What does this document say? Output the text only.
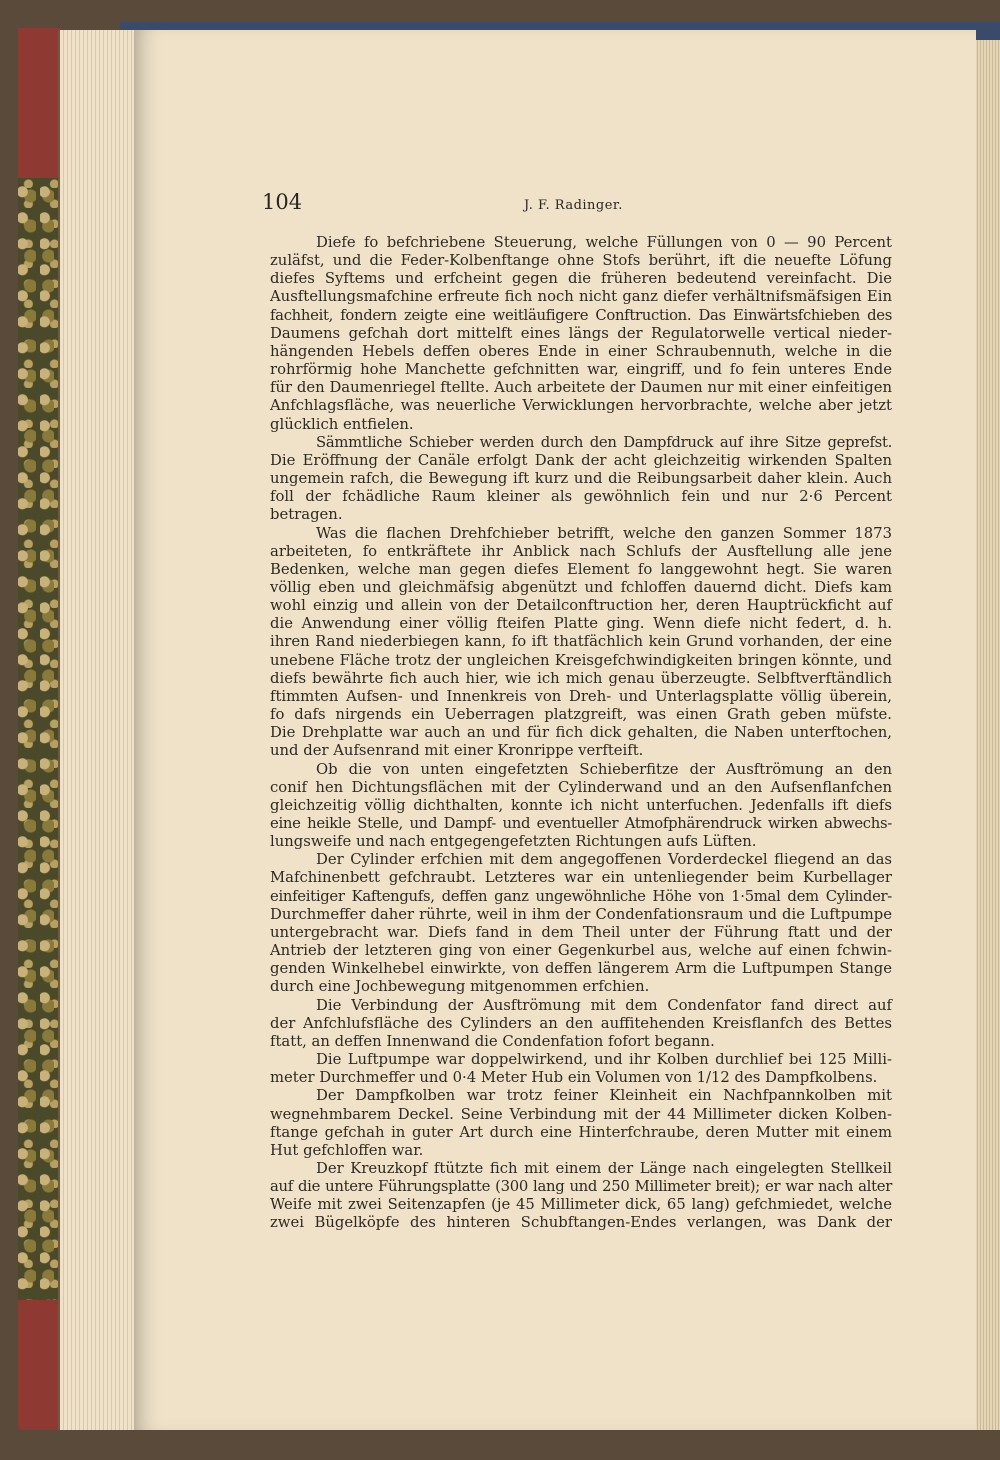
104	J. F. Radinger.
Diefe fo befchriebene Steuerung, welche Füllungen von 0 — 90 Percent
zuläfst, und die Feder-Kolbenftange ohne Stofs berührt, ift die neuefte Löfung
diefes Syftems und erfcheint gegen die früheren bedeutend vereinfacht. Die
Ausftellungsmafchine erfreute fich noch nicht ganz diefer verhältnifsmäfsigen Ein
fachheit, fondern zeigte eine weitläufigere Conftruction. Das Einwärtsfchieben des
Daumens gefchah dort mittelft eines längs der Regulatorwelle vertical nieder-
hängenden Hebels deffen oberes Ende in einer Schraubennuth, welche in die
rohrförmig hohe Manchette gefchnitten war, eingriff, und fo fein unteres Ende
für den Daumenriegel ftellte. Auch arbeitete der Daumen nur mit einer einfeitigen
Anfchlagsfläche, was neuerliche Verwicklungen hervorbrachte, welche aber jetzt
glücklich entfielen.
Sämmtliche Schieber werden durch den Dampfdruck auf ihre Sitze geprefst.
Die Eröffnung der Canäle erfolgt Dank der acht gleichzeitig wirkenden Spalten
ungemein rafch, die Bewegung ift kurz und die Reibungsarbeit daher klein. Auch
foll der fchädliche Raum kleiner als gewöhnlich fein und nur 2·6 Percent
betragen.
Was die flachen Drehfchieber betrifft, welche den ganzen Sommer 1873
arbeiteten, fo entkräftete ihr Anblick nach Schlufs der Ausftellung alle jene
Bedenken, welche man gegen diefes Element fo langgewohnt hegt. Sie waren
völlig eben und gleichmäfsig abgenützt und fchloffen dauernd dicht. Diefs kam
wohl einzig und allein von der Detailconftruction her, deren Hauptrückficht auf
die Anwendung einer völlig fteifen Platte ging. Wenn diefe nicht federt, d. h.
ihren Rand niederbiegen kann, fo ift thatfächlich kein Grund vorhanden, der eine
unebene Fläche trotz der ungleichen Kreisgefchwindigkeiten bringen könnte, und
diefs bewährte fich auch hier, wie ich mich genau überzeugte. Selbftverftändlich
ftimmten Aufsen- und Innenkreis von Dreh- und Unterlagsplatte völlig überein,
fo dafs nirgends ein Ueberragen platzgreift, was einen Grath geben müfste.
Die Drehplatte war auch an und für fich dick gehalten, die Naben unterftochen,
und der Aufsenrand mit einer Kronrippe verfteift.
Ob die von unten eingefetzten Schieberfitze der Ausftrömung an den
conif hen Dichtungsflächen mit der Cylinderwand und an den Aufsenflanfchen
gleichzeitig völlig dichthalten, konnte ich nicht unterfuchen. Jedenfalls ift diefs
eine heikle Stelle, und Dampf- und eventueller Atmofphärendruck wirken abwechs-
lungsweife und nach entgegengefetzten Richtungen aufs Lüften.
Der Cylinder erfchien mit dem angegoffenen Vorderdeckel fliegend an das
Mafchinenbett gefchraubt. Letzteres war ein untenliegender beim Kurbellager
einfeitiger Kaftengufs, deffen ganz ungewöhnliche Höhe von 1·5mal dem Cylinder-
Durchmeffer daher rührte, weil in ihm der Condenfationsraum und die Luftpumpe
untergebracht war. Diefs fand in dem Theil unter der Führung ftatt und der
Antrieb der letzteren ging von einer Gegenkurbel aus, welche auf einen fchwin-
genden Winkelhebel einwirkte, von deffen längerem Arm die Luftpumpen Stange
durch eine Jochbewegung mitgenommen erfchien.
Die Verbindung der Ausftrömung mit dem Condenfator fand direct auf
der Anfchlufsfläche des Cylinders an den auffitehenden Kreisflanfch des Bettes
ftatt, an deffen Innenwand die Condenfation fofort begann.
Die Luftpumpe war doppelwirkend, und ihr Kolben durchlief bei 125 Milli-
meter Durchmeffer und 0·4 Meter Hub ein Volumen von 1/12 des Dampfkolbens.
Der Dampfkolben war trotz feiner Kleinheit ein Nachfpannkolben mit
wegnehmbarem Deckel. Seine Verbindung mit der 44 Millimeter dicken Kolben-
ftange gefchah in guter Art durch eine Hinterfchraube, deren Mutter mit einem
Hut gefchloffen war.
Der Kreuzkopf ftützte fich mit einem der Länge nach eingelegten Stellkeil
auf die untere Führungsplatte (300 lang und 250 Millimeter breit); er war nach alter
Weife mit zwei Seitenzapfen (je 45 Millimeter dick, 65 lang) gefchmiedet, welche
zwei Bügelköpfe des hinteren Schubftangen-Endes verlangen, was Dank der
